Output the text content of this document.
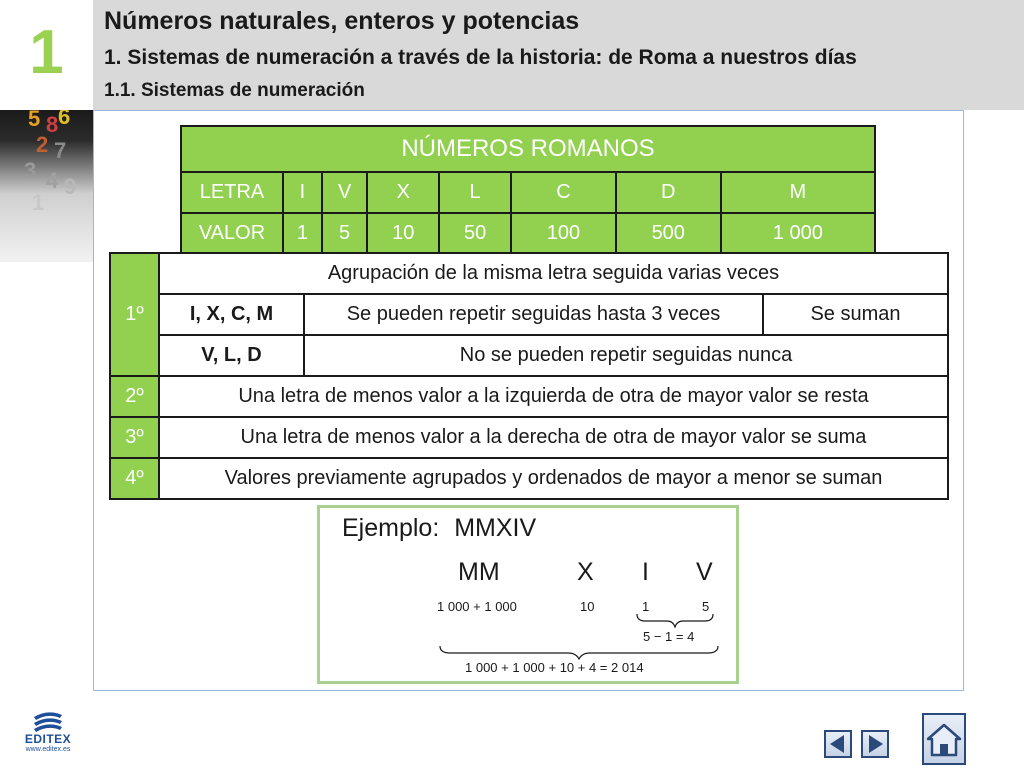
1	Números naturales, enteros y potencias
1. Sistemas de numeración a través de la historia: de Roma a nuestros días
1.1. Sistemas de numeración
5 8 6
2 7
3 4 9
1
NÚMEROS ROMANOS							
LETRA	I	V	X	L	C	D	M
VALOR	1	5	10	50	100	500	1 000
1º	Agrupación de la misma letra seguida varias veces		
	I, X, C, M	Se pueden repetir seguidas hasta 3 veces	Se suman
	V, L, D	No se pueden repetir seguidas nunca	
2º	Una letra de menos valor a la izquierda de otra de mayor valor se resta		
3º	Una letra de menos valor a la derecha de otra de mayor valor se suma		
4º	Valores previamente agrupados y ordenados de mayor a menor se suman		
Ejemplo: MMXIV
MM	X I V
1 000 + 1 000	10	1	5
5 − 1 = 4
1 000 + 1 000 + 10 + 4 = 2 014
EDITEX
www.editex.es
